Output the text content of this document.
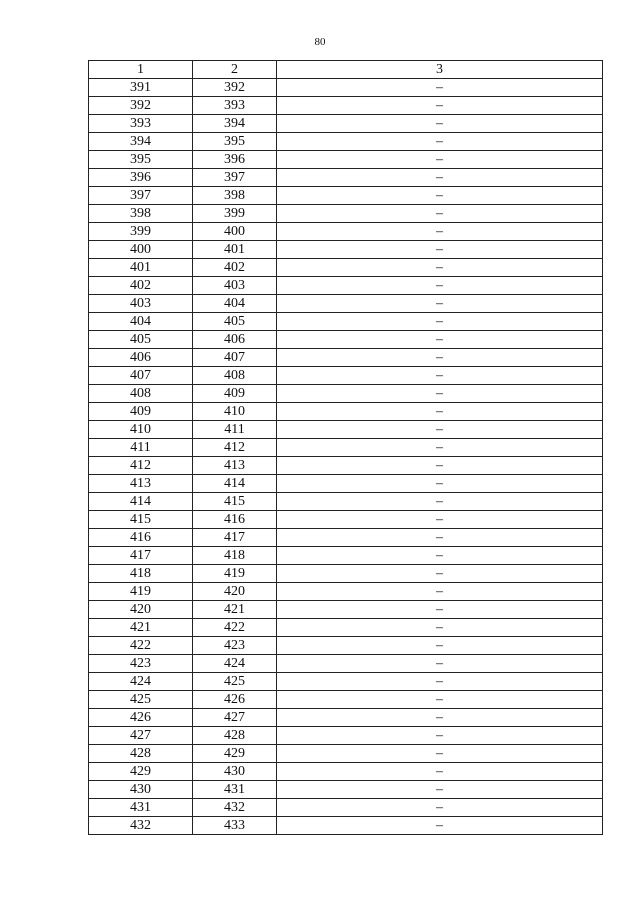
80
1	2	3
391	392	–
392	393	–
393	394	–
394	395	–
395	396	–
396	397	–
397	398	–
398	399	–
399	400	–
400	401	–
401	402	–
402	403	–
403	404	–
404	405	–
405	406	–
406	407	–
407	408	–
408	409	–
409	410	–
410	411	–
411	412	–
412	413	–
413	414	–
414	415	–
415	416	–
416	417	–
417	418	–
418	419	–
419	420	–
420	421	–
421	422	–
422	423	–
423	424	–
424	425	–
425	426	–
426	427	–
427	428	–
428	429	–
429	430	–
430	431	–
431	432	–
432	433	–
